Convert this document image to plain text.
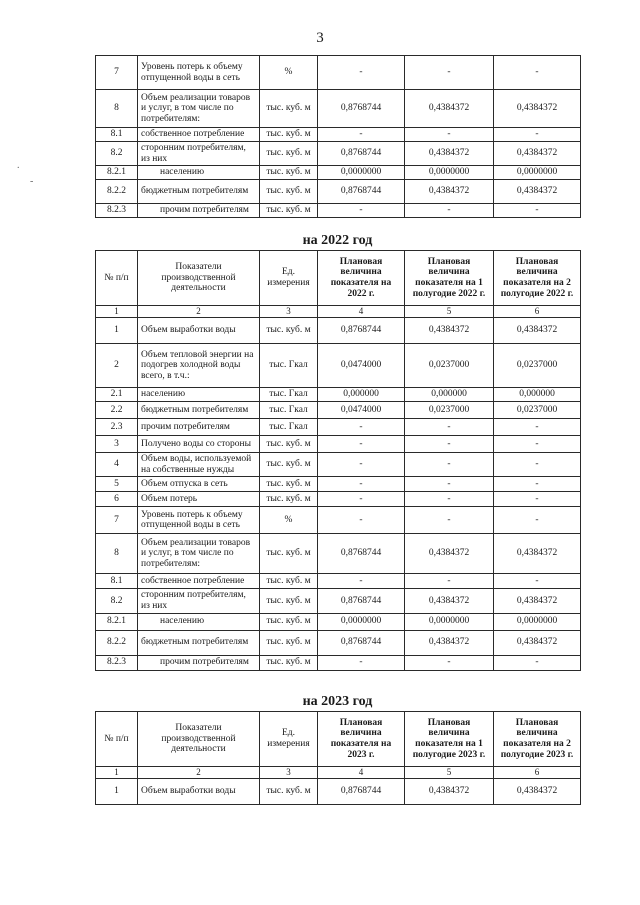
3
.
-
7	Уровень потерь к объему отпущенной воды в сеть	%	-	-	-
8	Объем реализации товаров и услуг, в том числе по потребителям:	тыс. куб. м	0,8768744	0,4384372	0,4384372
8.1	собственное потребление	тыс. куб. м	-	-	-
8.2	сторонним потребителям, из них	тыс. куб. м	0,8768744	0,4384372	0,4384372
8.2.1	населению	тыс. куб. м	0,0000000	0,0000000	0,0000000
8.2.2	бюджетным потребителям	тыс. куб. м	0,8768744	0,4384372	0,4384372
8.2.3	прочим потребителям	тыс. куб. м	-	-	-
на 2022 год
№ п/п	Показатели производственной деятельности	Ед. измерения	Плановая величина показателя на 2022 г.	Плановая величина показателя на 1 полугодие 2022 г.	Плановая величина показателя на 2 полугодие 2022 г.
1	2	3	4	5	6
1	Объем выработки воды	тыс. куб. м	0,8768744	0,4384372	0,4384372
2	Объем тепловой энергии на подогрев холодной воды всего, в т.ч.:	тыс. Гкал	0,0474000	0,0237000	0,0237000
2.1	населению	тыс. Гкал	0,000000	0,000000	0,000000
2.2	бюджетным потребителям	тыс. Гкал	0,0474000	0,0237000	0,0237000
2.3	прочим потребителям	тыс. Гкал	-	-	-
3	Получено воды со стороны	тыс. куб. м	-	-	-
4	Объем воды, используемой на собственные нужды	тыс. куб. м	-	-	-
5	Объем отпуска в сеть	тыс. куб. м	-	-	-
6	Объем потерь	тыс. куб. м	-	-	-
7	Уровень потерь к объему отпущенной воды в сеть	%	-	-	-
8	Объем реализации товаров и услуг, в том числе по потребителям:	тыс. куб. м	0,8768744	0,4384372	0,4384372
8.1	собственное потребление	тыс. куб. м	-	-	-
8.2	сторонним потребителям, из них	тыс. куб. м	0,8768744	0,4384372	0,4384372
8.2.1	населению	тыс. куб. м	0,0000000	0,0000000	0,0000000
8.2.2	бюджетным потребителям	тыс. куб. м	0,8768744	0,4384372	0,4384372
8.2.3	прочим потребителям	тыс. куб. м	-	-	-
на 2023 год
№ п/п	Показатели производственной деятельности	Ед. измерения	Плановая величина показателя на 2023 г.	Плановая величина показателя на 1 полугодие 2023 г.	Плановая величина показателя на 2 полугодие 2023 г.
1	2	3	4	5	6
1	Объем выработки воды	тыс. куб. м	0,8768744	0,4384372	0,4384372
